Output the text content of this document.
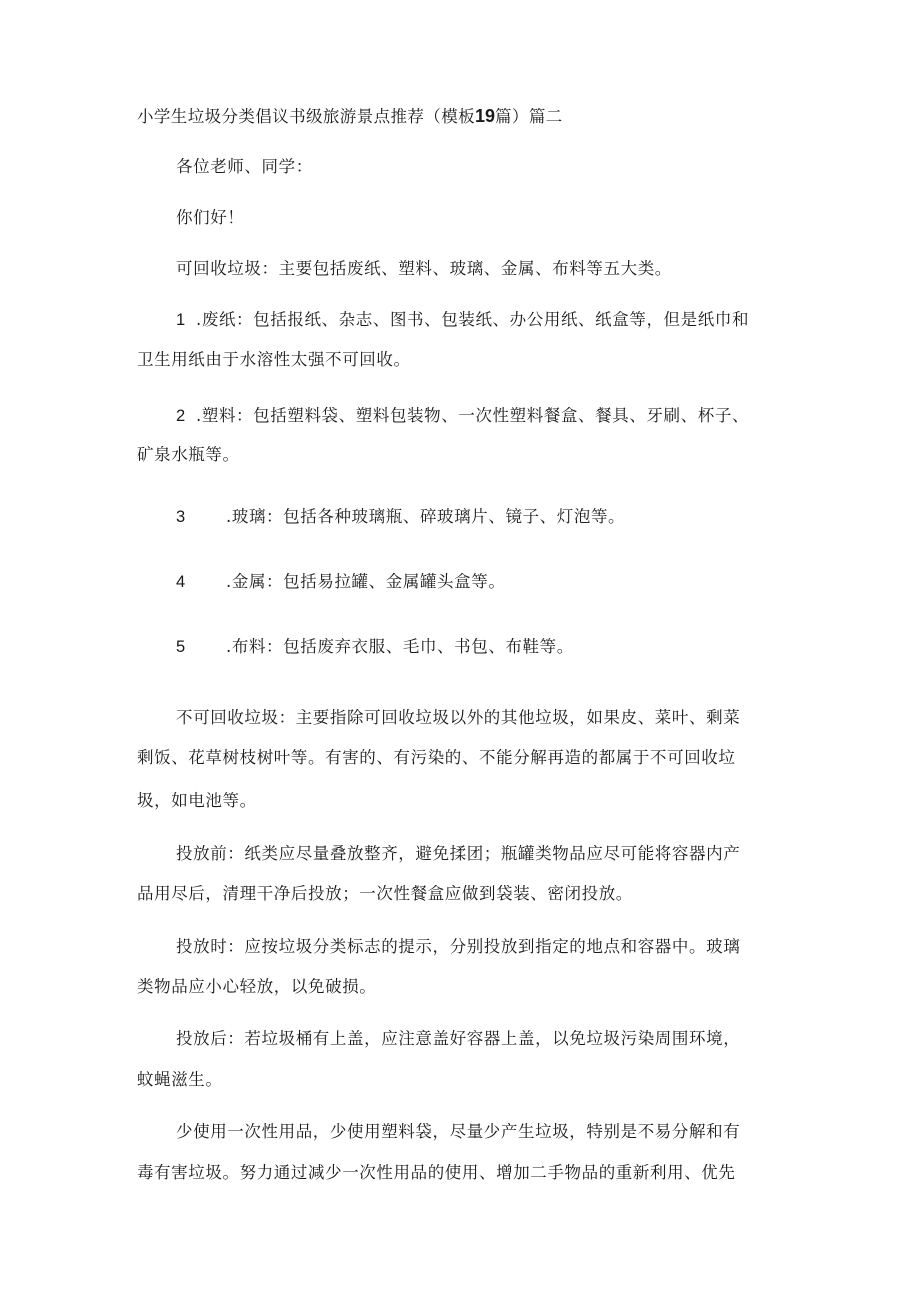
小学生垃圾分类倡议书级旅游景点推荐（模板19篇）篇二
各位老师、同学：
你们好！
可回收垃圾：主要包括废纸、塑料、玻璃、金属、布料等五大类。
1 .废纸：包括报纸、杂志、图书、包装纸、办公用纸、纸盒等，但是纸巾和
卫生用纸由于水溶性太强不可回收。
2 .塑料：包括塑料袋、塑料包装物、一次性塑料餐盒、餐具、牙刷、杯子、
矿泉水瓶等。
3 .玻璃：包括各种玻璃瓶、碎玻璃片、镜子、灯泡等。
4 .金属：包括易拉罐、金属罐头盒等。
5 .布料：包括废弃衣服、毛巾、书包、布鞋等。
不可回收垃圾：主要指除可回收垃圾以外的其他垃圾，如果皮、菜叶、剩菜
剩饭、花草树枝树叶等。有害的、有污染的、不能分解再造的都属于不可回收垃
圾，如电池等。
投放前：纸类应尽量叠放整齐，避免揉团；瓶罐类物品应尽可能将容器内产
品用尽后，清理干净后投放；一次性餐盒应做到袋装、密闭投放。
投放时：应按垃圾分类标志的提示，分别投放到指定的地点和容器中。玻璃
类物品应小心轻放，以免破损。
投放后：若垃圾桶有上盖，应注意盖好容器上盖，以免垃圾污染周围环境，
蚊蝇滋生。
少使用一次性用品，少使用塑料袋，尽量少产生垃圾，特别是不易分解和有
毒有害垃圾。努力通过减少一次性用品的使用、增加二手物品的重新利用、优先
